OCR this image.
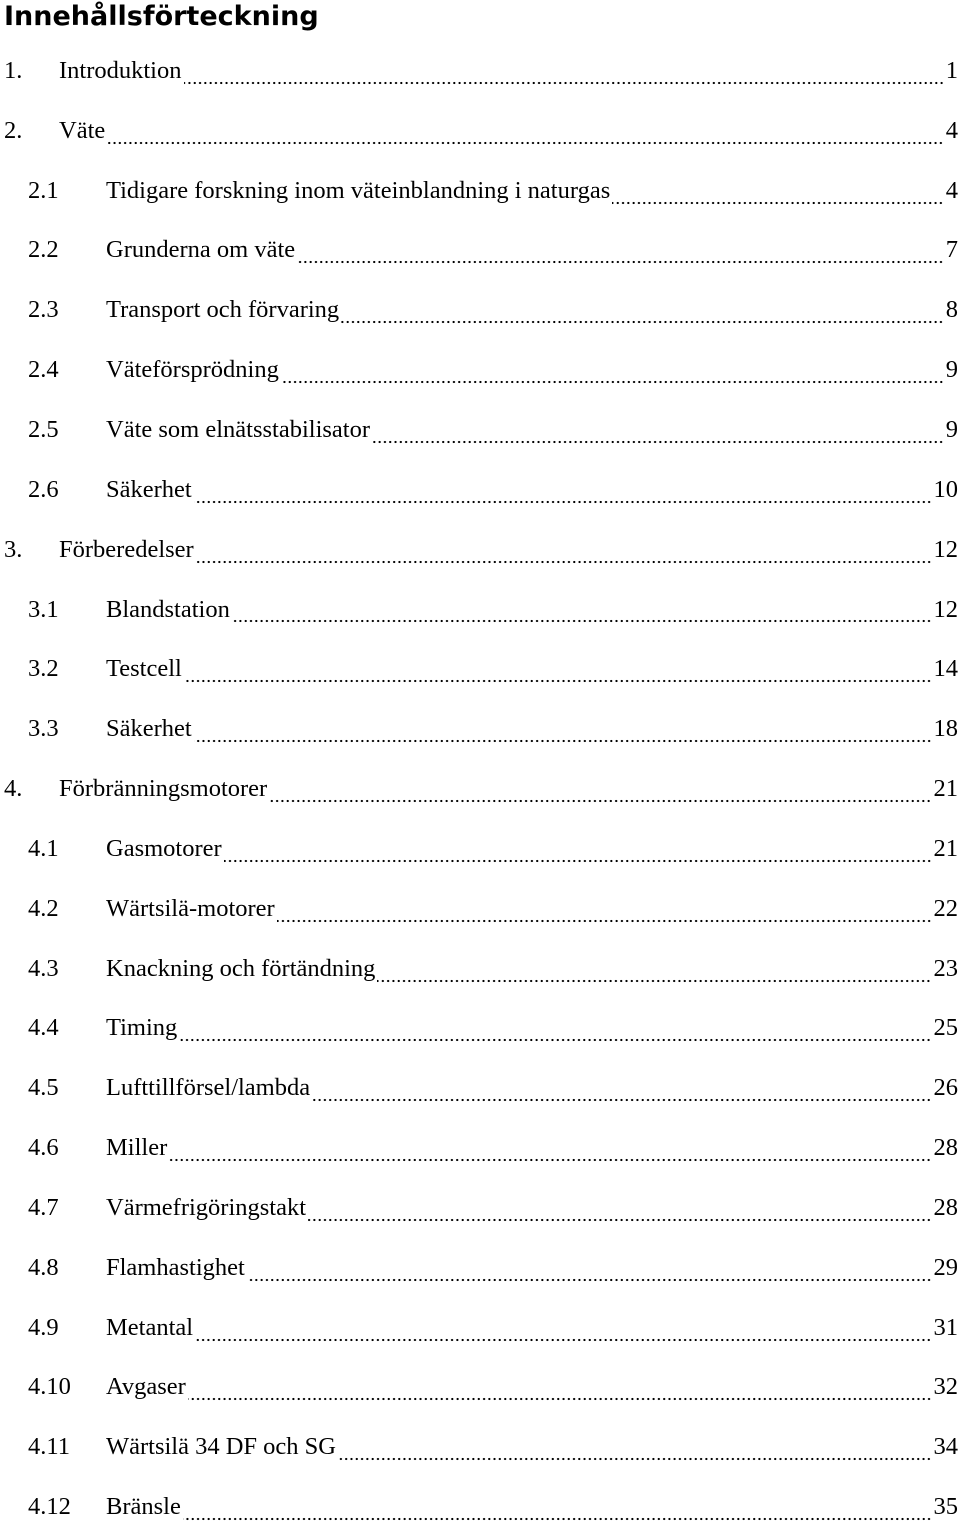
Innehållsförteckning
1.	Introduktion	1
2.	Väte	4
2.1	Tidigare forskning inom väteinblandning i naturgas	4
2.2	Grunderna om väte	7
2.3	Transport och förvaring	8
2.4	Väteförsprödning	9
2.5	Väte som elnätsstabilisator	9
2.6	Säkerhet	10
3.	Förberedelser	12
3.1	Blandstation	12
3.2	Testcell	14
3.3	Säkerhet	18
4.	Förbränningsmotorer	21
4.1	Gasmotorer	21
4.2	Wärtsilä-motorer	22
4.3	Knackning och förtändning	23
4.4	Timing	25
4.5	Lufttillförsel/lambda	26
4.6	Miller	28
4.7	Värmefrigöringstakt	28
4.8	Flamhastighet	29
4.9	Metantal	31
4.10	Avgaser	32
4.11	Wärtsilä 34 DF och SG	34
4.12	Bränsle	35
